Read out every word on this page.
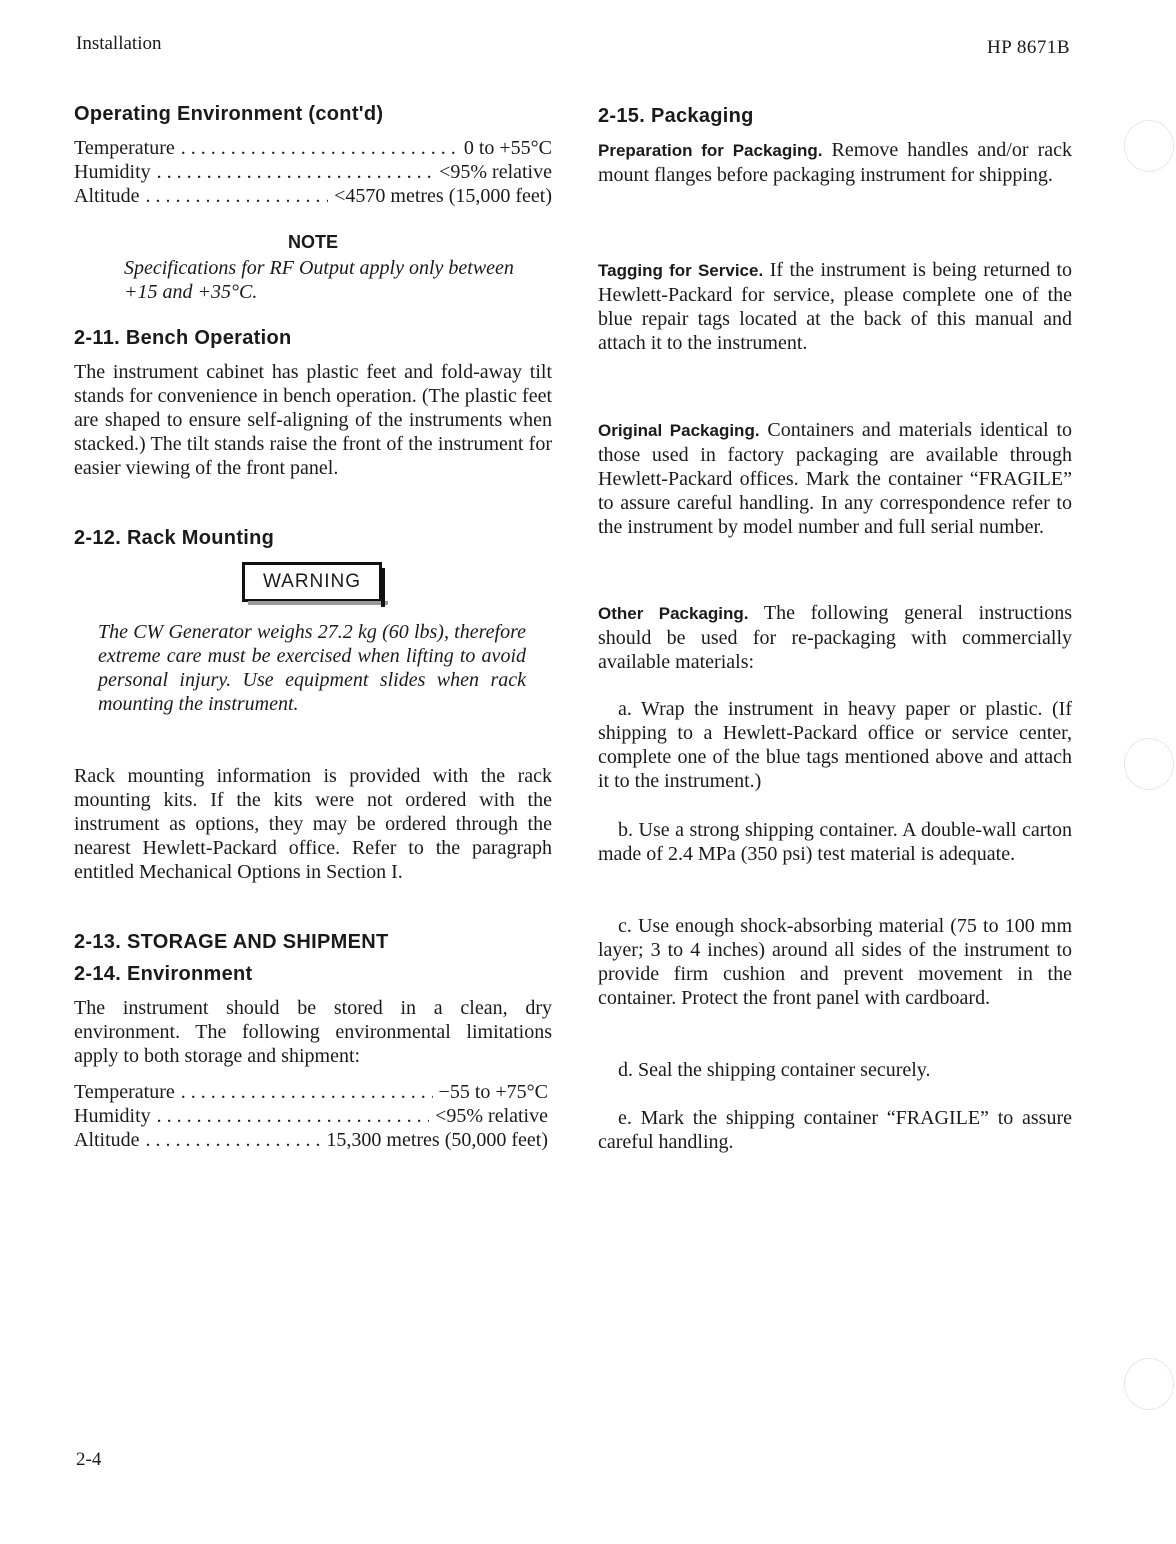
Installation	HP 8671B
2-4
Operating Environment (cont'd)
Temperature . . .	0 to +55°C
Humidity . . .	<95% relative
Altitude . . .	<4570 metres (15,000 feet)
NOTE

Specifications for RF Output apply only between +15 and +35°C.

2-11. Bench Operation

The instrument cabinet has plastic feet and fold-away tilt stands for convenience in bench operation. (The plastic feet are shaped to ensure self-aligning of the instruments when stacked.) The tilt stands raise the front of the instrument for easier viewing of the front panel.

2-12. Rack Mounting
WARNING

The CW Generator weighs 27.2 kg (60 lbs), therefore extreme care must be exercised when lifting to avoid personal injury. Use equipment slides when rack mounting the instrument.

Rack mounting information is provided with the rack mounting kits. If the kits were not ordered with the instrument as options, they may be ordered through the nearest Hewlett-Packard office. Refer to the paragraph entitled Mechanical Options in Section I.

2-13. STORAGE AND SHIPMENT
2-14. Environment

The instrument should be stored in a clean, dry environment. The following environmental limitations apply to both storage and shipment:

Temperature . . .	−55 to +75°C
Humidity . . .	<95% relative
Altitude . . .	15,300 metres (50,000 feet)
2-15. Packaging

Preparation for Packaging. Remove handles and/or rack mount flanges before packaging instrument for shipping.

Tagging for Service. If the instrument is being returned to Hewlett-Packard for service, please complete one of the blue repair tags located at the back of this manual and attach it to the instrument.

Original Packaging. Containers and materials identical to those used in factory packaging are available through Hewlett-Packard offices. Mark the container “FRAGILE” to assure careful handling. In any correspondence refer to the instrument by model number and full serial number.

Other Packaging. The following general instructions should be used for re-packaging with commercially available materials:

a. Wrap the instrument in heavy paper or plastic. (If shipping to a Hewlett-Packard office or service center, complete one of the blue tags mentioned above and attach it to the instrument.)

b. Use a strong shipping container. A double-wall carton made of 2.4 MPa (350 psi) test material is adequate.

c. Use enough shock-absorbing material (75 to 100 mm layer; 3 to 4 inches) around all sides of the instrument to provide firm cushion and prevent movement in the container. Protect the front panel with cardboard.

d. Seal the shipping container securely.

e. Mark the shipping container “FRAGILE” to assure careful handling.
